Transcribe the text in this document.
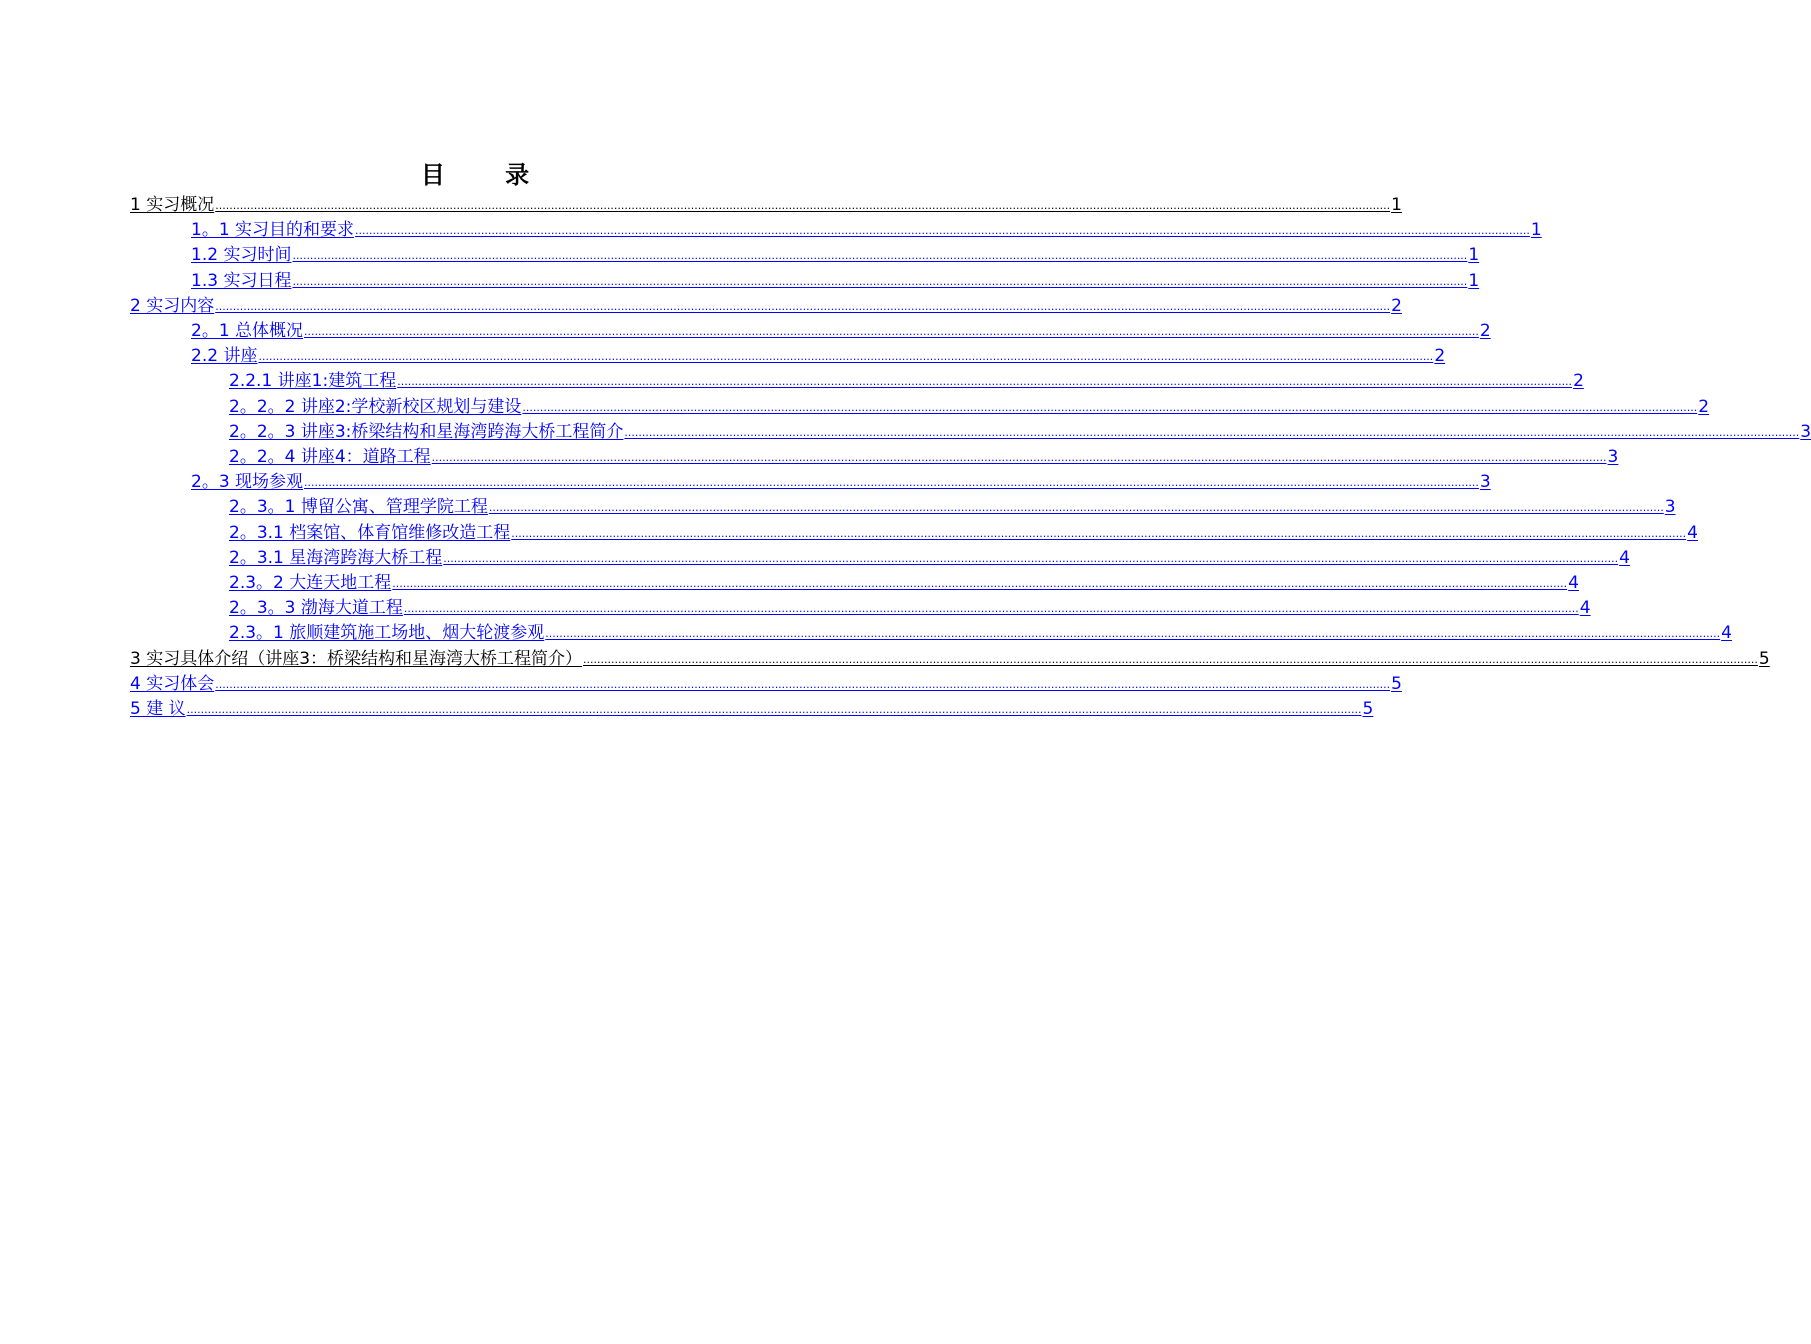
目 录
1 实习概况 ................................................................................................................................................................................................................................................................................................................................................ 1
1。1 实习目的和要求 ................................................................................................................................................................................................................................................................................................................................................ 1
1.2 实习时间 ................................................................................................................................................................................................................................................................................................................................................ 1
1.3 实习日程 ................................................................................................................................................................................................................................................................................................................................................ 1
2 实习内容 ................................................................................................................................................................................................................................................................................................................................................ 2
2。1 总体概况 ................................................................................................................................................................................................................................................................................................................................................ 2
2.2 讲座 ................................................................................................................................................................................................................................................................................................................................................ 2
2.2.1 讲座1:建筑工程 ................................................................................................................................................................................................................................................................................................................................................ 2
2。2。2 讲座2:学校新校区规划与建设 ................................................................................................................................................................................................................................................................................................................................................ 2
2。2。3 讲座3:桥梁结构和星海湾跨海大桥工程简介 ................................................................................................................................................................................................................................................................................................................................................ 3
2。2。4 讲座4：道路工程 ................................................................................................................................................................................................................................................................................................................................................ 3
2。3 现场参观 ................................................................................................................................................................................................................................................................................................................................................ 3
2。3。1 博留公寓、管理学院工程 ................................................................................................................................................................................................................................................................................................................................................ 3
2。3.1 档案馆、体育馆维修改造工程 ................................................................................................................................................................................................................................................................................................................................................ 4
2。3.1 星海湾跨海大桥工程 ................................................................................................................................................................................................................................................................................................................................................ 4
2.3。2 大连天地工程 ................................................................................................................................................................................................................................................................................................................................................ 4
2。3。3 渤海大道工程 ................................................................................................................................................................................................................................................................................................................................................ 4
2.3。1 旅顺建筑施工场地、烟大轮渡参观 ................................................................................................................................................................................................................................................................................................................................................ 4
3 实习具体介绍（讲座3：桥梁结构和星海湾大桥工程简介） ................................................................................................................................................................................................................................................................................................................................................ 5
4 实习体会 ................................................................................................................................................................................................................................................................................................................................................ 5
5 建 议 ................................................................................................................................................................................................................................................................................................................................................ 5
